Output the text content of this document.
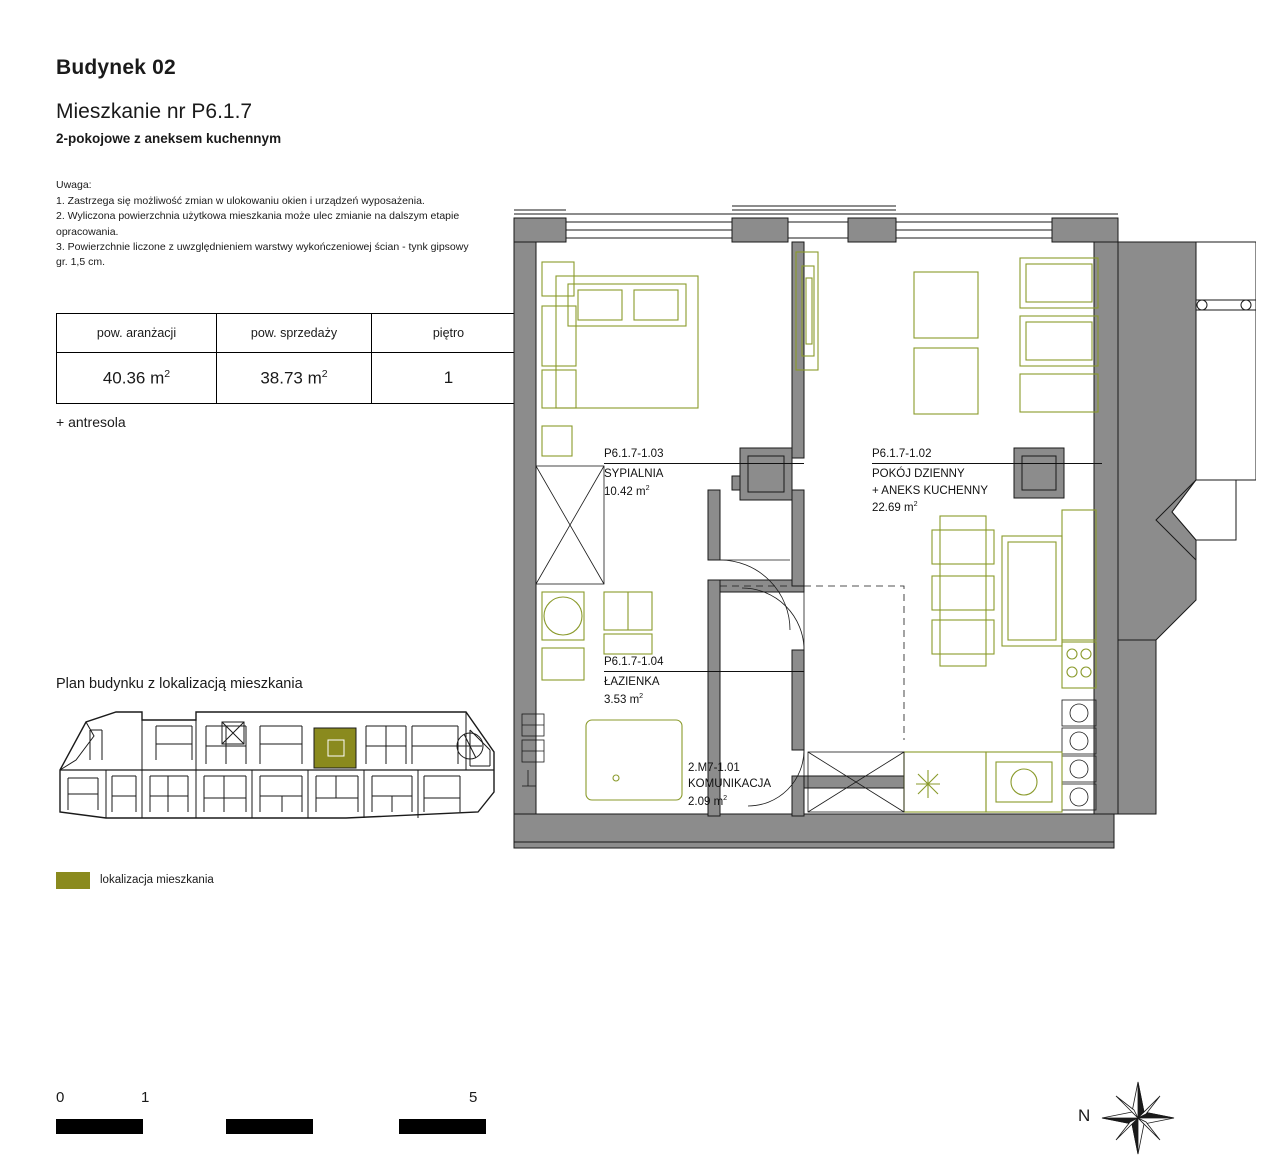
Budynek 02
Mieszkanie nr P6.1.7
2-pokojowe z aneksem kuchennym

Uwaga:

1. Zastrzega się możliwość zmian w ulokowaniu okien i urządzeń wyposażenia.

2. Wyliczona powierzchnia użytkowa mieszkania może ulec zmianie na dalszym etapie opracowania.

3. Powierzchnie liczone z uwzględnieniem warstwy wykończeniowej ścian - tynk gipsowy gr. 1,5 cm.

pow. aranżacji	pow. sprzedaży	piętro
40.36 $m^2$	38.73 $m^2$	1
+ antresola
Plan budynku z lokalizacją mieszkania
lokalizacja mieszkania
0	1	5
N
P6.1.7-1.03
SYPIALNIA
10.42 $m^2$
P6.1.7-1.02
POKÓJ DZIENNY
+ ANEKS KUCHENNY
22.69 $m^2$
P6.1.7-1.04
ŁAZIENKA
3.53 $m^2$
2.M7-1.01
KOMUNIKACJA
2.09 $m^2$
